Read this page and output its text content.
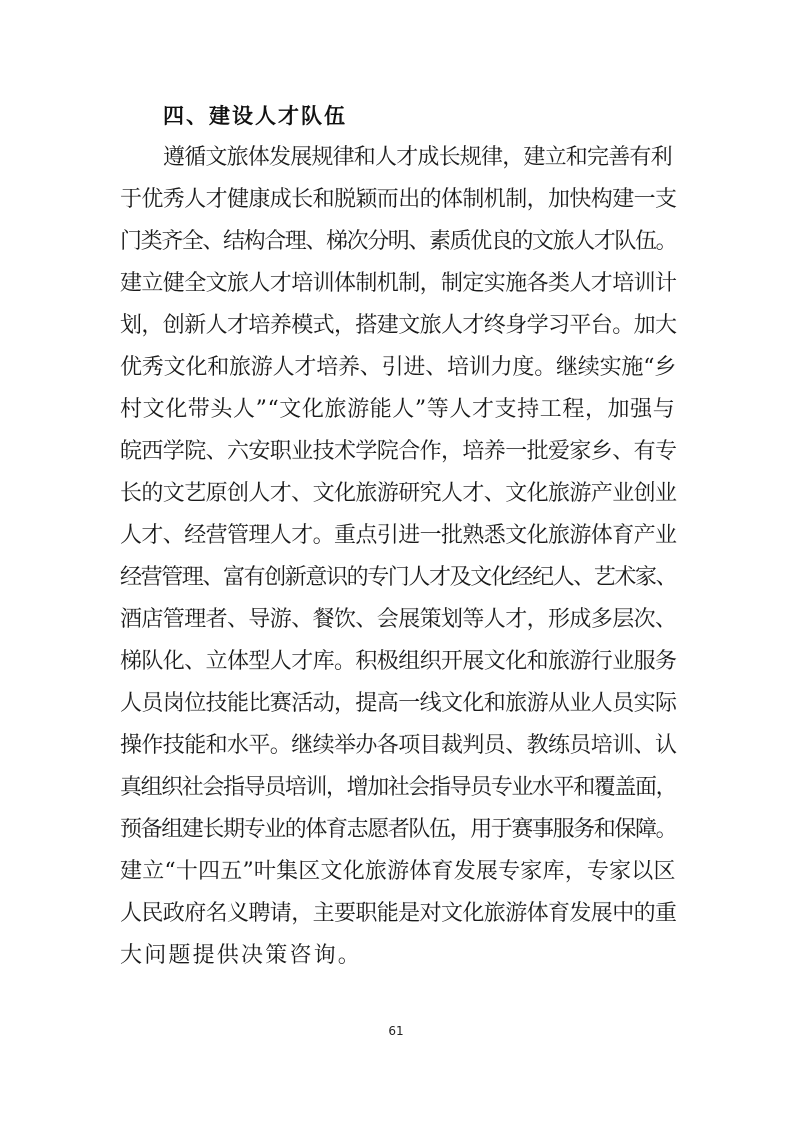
四、建设人才队伍
遵循文旅体发展规律和人才成长规律，建立和完善有利
于优秀人才健康成长和脱颖而出的体制机制，加快构建一支
门类齐全、结构合理、梯次分明、素质优良的文旅人才队伍。
建立健全文旅人才培训体制机制，制定实施各类人才培训计
划，创新人才培养模式，搭建文旅人才终身学习平台。加大
优秀文化和旅游人才培养、引进、培训力度。继续实施“乡
村文化带头人”“文化旅游能人”等人才支持工程，加强与
皖西学院、六安职业技术学院合作，培养一批爱家乡、有专
长的文艺原创人才、文化旅游研究人才、文化旅游产业创业
人才、经营管理人才。重点引进一批熟悉文化旅游体育产业
经营管理、富有创新意识的专门人才及文化经纪人、艺术家、
酒店管理者、导游、餐饮、会展策划等人才，形成多层次、
梯队化、立体型人才库。积极组织开展文化和旅游行业服务
人员岗位技能比赛活动，提高一线文化和旅游从业人员实际
操作技能和水平。继续举办各项目裁判员、教练员培训、认
真组织社会指导员培训，增加社会指导员专业水平和覆盖面，
预备组建长期专业的体育志愿者队伍，用于赛事服务和保障。
建立“十四五”叶集区文化旅游体育发展专家库，专家以区
人民政府名义聘请，主要职能是对文化旅游体育发展中的重
大问题提供决策咨询。
61
